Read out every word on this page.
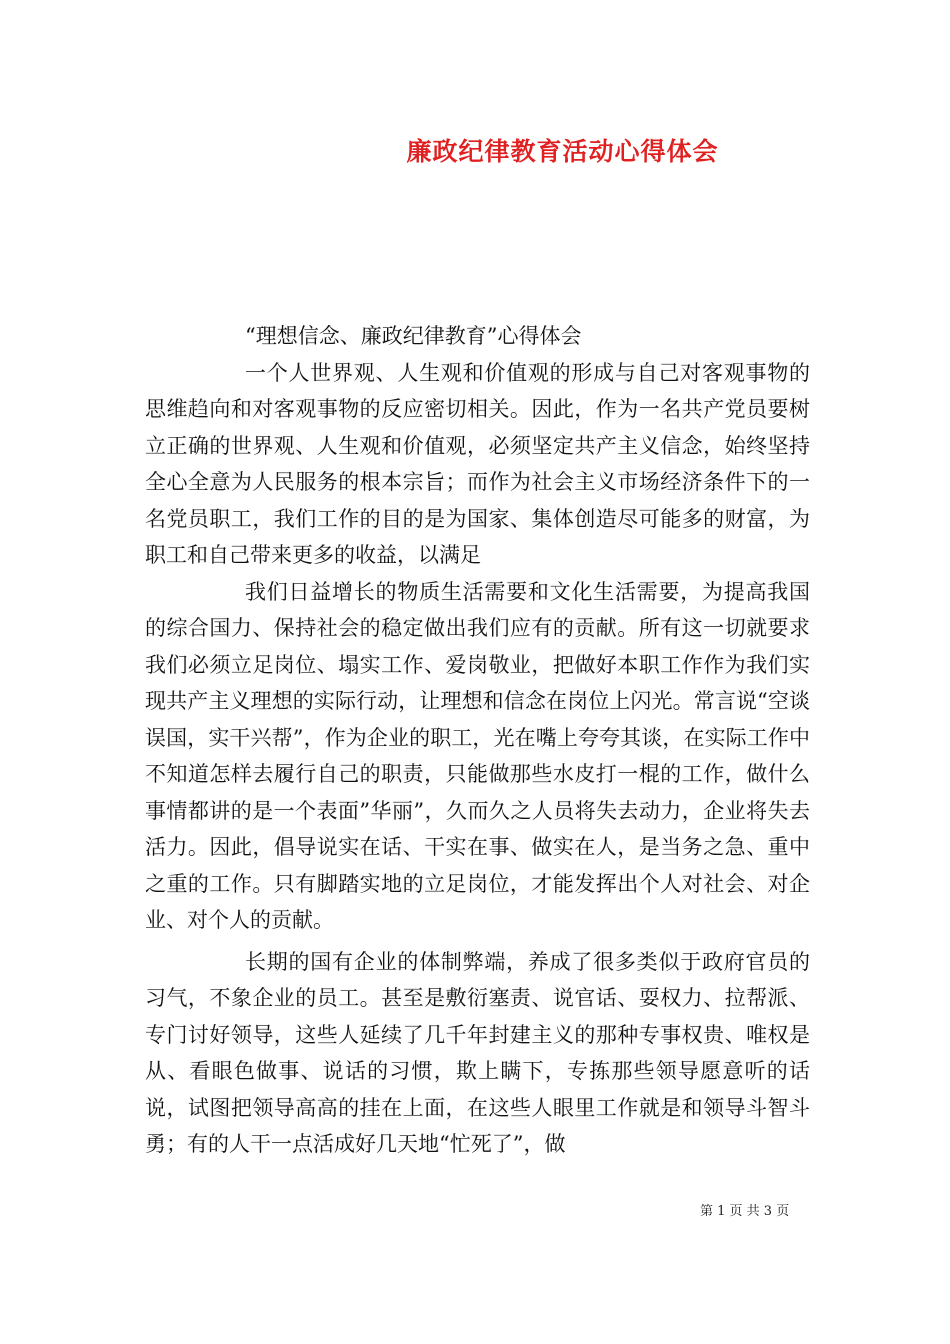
廉政纪律教育活动心得体会

“理想信念、廉政纪律教育”心得体会

一个人世界观、人生观和价值观的形成与自己对客观事物的思维趋向和对客观事物的反应密切相关。因此，作为一名共产党员要树立正确的世界观、人生观和价值观，必须坚定共产主义信念，始终坚持全心全意为人民服务的根本宗旨；而作为社会主义市场经济条件下的一名党员职工，我们工作的目的是为国家、集体创造尽可能多的财富，为职工和自己带来更多的收益，以满足

我们日益增长的物质生活需要和文化生活需要，为提高我国的综合国力、保持社会的稳定做出我们应有的贡献。所有这一切就要求我们必须立足岗位、塌实工作、爱岗敬业，把做好本职工作作为我们实现共产主义理想的实际行动，让理想和信念在岗位上闪光。常言说“空谈误国，实干兴帮”，作为企业的职工，光在嘴上夸夸其谈，在实际工作中不知道怎样去履行自己的职责，只能做那些水皮打一棍的工作，做什么事情都讲的是一个表面”华丽”，久而久之人员将失去动力，企业将失去活力。因此，倡导说实在话、干实在事、做实在人，是当务之急、重中之重的工作。只有脚踏实地的立足岗位，才能发挥出个人对社会、对企业、对个人的贡献。

长期的国有企业的体制弊端，养成了很多类似于政府官员的习气，不象企业的员工。甚至是敷衍塞责、说官话、耍权力、拉帮派、专门讨好领导，这些人延续了几千年封建主义的那种专事权贵、唯权是从、看眼色做事、说话的习惯，欺上瞒下，专拣那些领导愿意听的话说，试图把领导高高的挂在上面，在这些人眼里工作就是和领导斗智斗勇；有的人干一点活成好几天地“忙死了”，做

第 1 页 共 3 页
